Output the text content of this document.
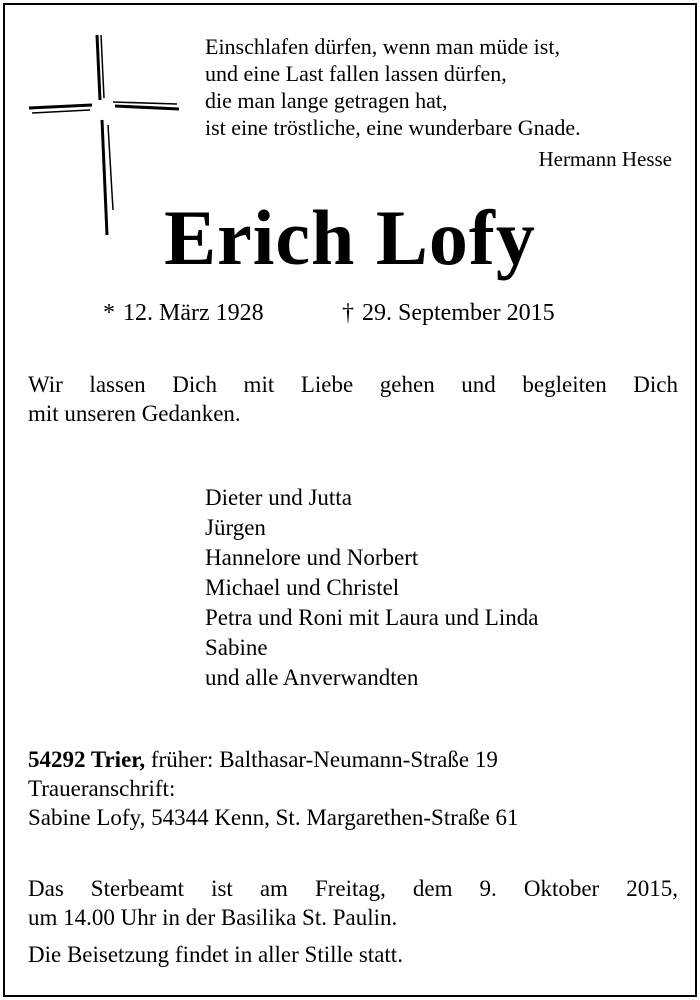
Einschlafen dürfen, wenn man müde ist,
und eine Last fallen lassen dürfen,
die man lange getragen hat,
ist eine tröstliche, eine wunderbare Gnade.
Hermann Hesse
Erich Lofy
* 12. März 1928	† 29. September 2015
Wir lassen Dich mit Liebe gehen und begleiten Dich
mit unseren Gedanken.
Dieter und Jutta
Jürgen
Hannelore und Norbert
Michael und Christel
Petra und Roni mit Laura und Linda
Sabine
und alle Anverwandten
54292 Trier, früher: Balthasar-Neumann-Straße 19
Traueranschrift:
Sabine Lofy, 54344 Kenn, St. Margarethen-Straße 61
Das Sterbeamt ist am Freitag, dem 9. Oktober 2015,
um 14.00 Uhr in der Basilika St. Paulin.
Die Beisetzung findet in aller Stille statt.
